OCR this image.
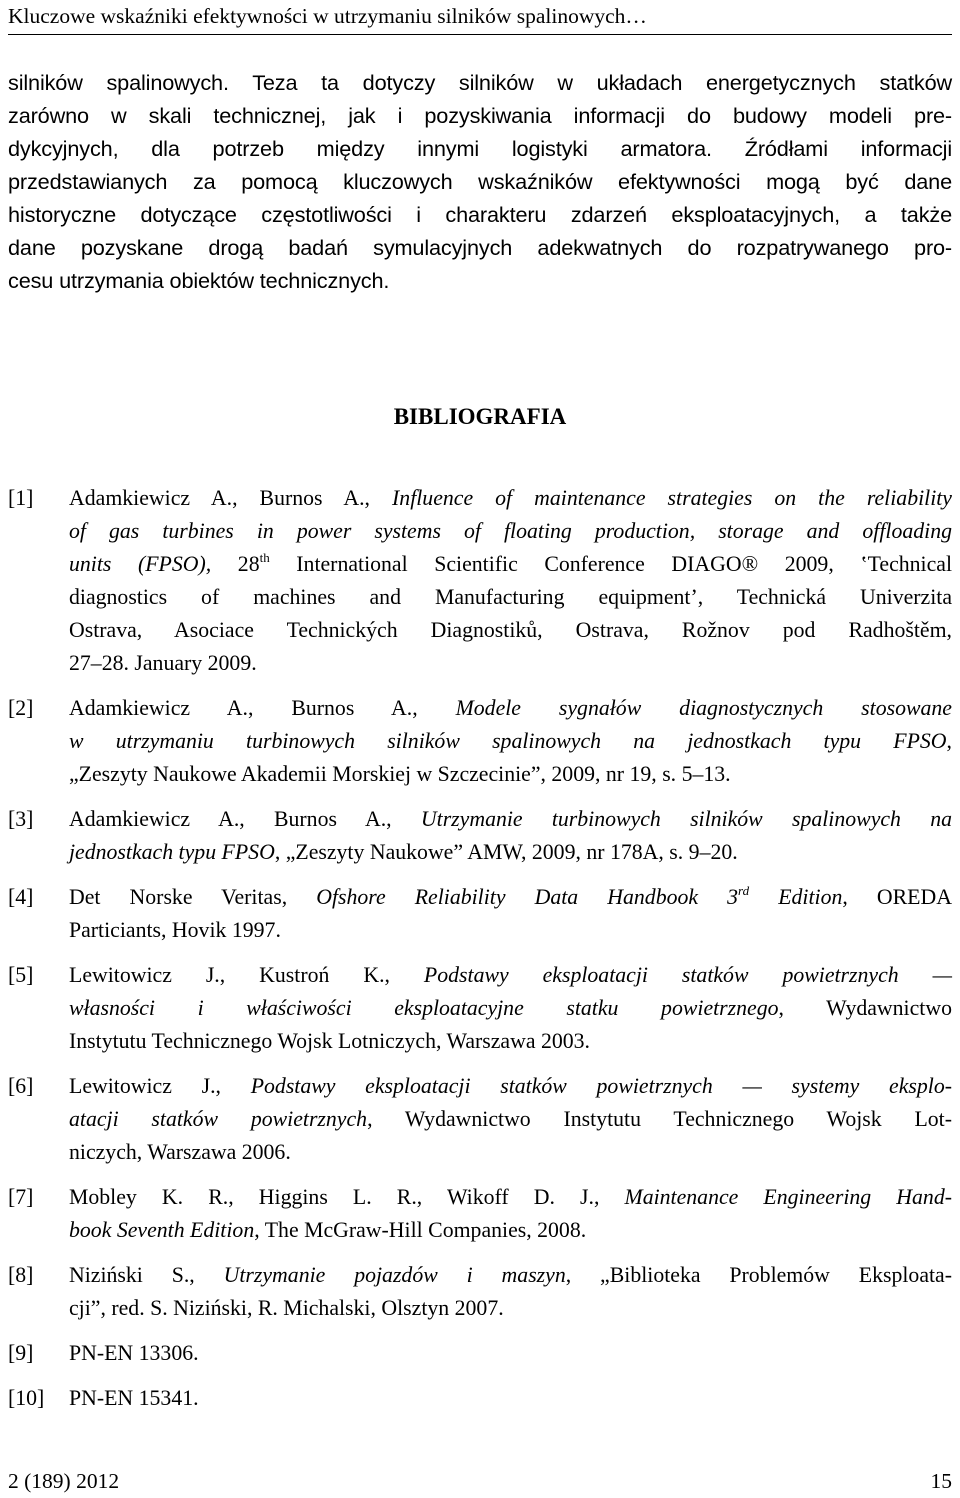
Kluczowe wskaźniki efektywności w utrzymaniu silników spalinowych…
silników spalinowych. Teza ta dotyczy silników w układach energetycznych statków
zarówno w skali technicznej, jak i pozyskiwania informacji do budowy modeli pre-
dykcyjnych, dla potrzeb między innymi logistyki armatora. Źródłami informacji
przedstawianych za pomocą kluczowych wskaźników efektywności mogą być dane
historyczne dotyczące częstotliwości i charakteru zdarzeń eksploatacyjnych, a także
dane pozyskane drogą badań symulacyjnych adekwatnych do rozpatrywanego pro-
cesu utrzymania obiektów technicznych.
BIBLIOGRAFIA
[1] Adamkiewicz A., Burnos A., Influence of maintenance strategies on the reliability
of gas turbines in power systems of floating production, storage and offloading
units (FPSO), 28th International Scientific Conference DIAGO® 2009, ‛Technical
diagnostics of machines and Manufacturing equipment’, Technická Univerzita
Ostrava, Asociace Technických Diagnostiků, Ostrava, Rožnov pod Radhoštěm,
27–28. January 2009.
[2] Adamkiewicz A., Burnos A., Modele sygnałów diagnostycznych stosowane
w utrzymaniu turbinowych silników spalinowych na jednostkach typu FPSO,
„Zeszyty Naukowe Akademii Morskiej w Szczecinie”, 2009, nr 19, s. 5–13.
[3] Adamkiewicz A., Burnos A., Utrzymanie turbinowych silników spalinowych na
jednostkach typu FPSO, „Zeszyty Naukowe” AMW, 2009, nr 178A, s. 9–20.
[4] Det Norske Veritas, Ofshore Reliability Data Handbook 3rd Edition, OREDA
Particiants, Hovik 1997.
[5] Lewitowicz J., Kustroń K., Podstawy eksploatacji statków powietrznych —
własności i właściwości eksploatacyjne statku powietrznego, Wydawnictwo
Instytutu Technicznego Wojsk Lotniczych, Warszawa 2003.
[6] Lewitowicz J., Podstawy eksploatacji statków powietrznych — systemy eksplo-
atacji statków powietrznych, Wydawnictwo Instytutu Technicznego Wojsk Lot-
niczych, Warszawa 2006.
[7] Mobley K. R., Higgins L. R., Wikoff D. J., Maintenance Engineering Hand-
book Seventh Edition, The McGraw-Hill Companies, 2008.
[8] Niziński S., Utrzymanie pojazdów i maszyn, „Biblioteka Problemów Eksploata-
cji”, red. S. Niziński, R. Michalski, Olsztyn 2007.
[9] PN-EN 13306.
[10] PN-EN 15341.
2 (189) 2012	15
